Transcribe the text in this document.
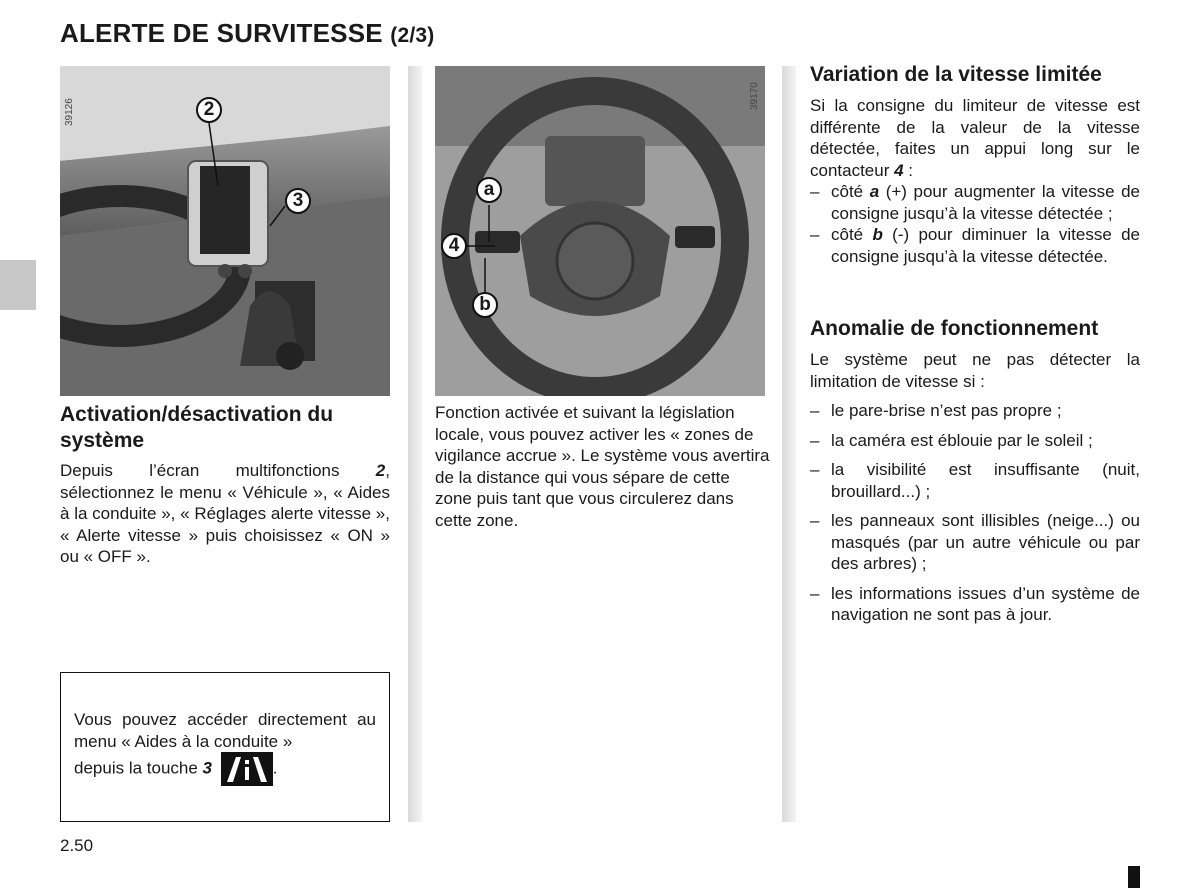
ALERTE DE SURVITESSE (2/3)
39126	2
3
39170
a
4
b
Activation/désactivation du
système
Depuis l’écran multifonctions 2, sélectionnez le menu « Véhicule », « Aides à la conduite », « Réglages alerte vitesse », « Alerte vitesse » puis choisissez « ON » ou « OFF ».
Vous pouvez accéder directement au menu « Aides à la conduite »
depuis la touche 3	.
Fonction activée et suivant la législation locale, vous pouvez activer les « zones de vigilance accrue ». Le système vous avertira de la distance qui vous sépare de cette zone puis tant que vous circulerez dans cette zone.
Variation de la vitesse limitée
Si la consigne du limiteur de vitesse est différente de la valeur de la vitesse détectée, faites un appui long sur le contacteur 4 :
– côté a (+) pour augmenter la vitesse de consigne jusqu’à la vitesse détectée ;
– côté b (-) pour diminuer la vitesse de consigne jusqu’à la vitesse détectée.
Anomalie de fonctionnement
Le système peut ne pas détecter la limitation de vitesse si :
– le pare-brise n’est pas propre ;
– la caméra est éblouie par le soleil ;
– la visibilité est insuffisante (nuit, brouillard...) ;
– les panneaux sont illisibles (neige...) ou masqués (par un autre véhicule ou par des arbres) ;
– les informations issues d’un système de navigation ne sont pas à jour.
2.50
